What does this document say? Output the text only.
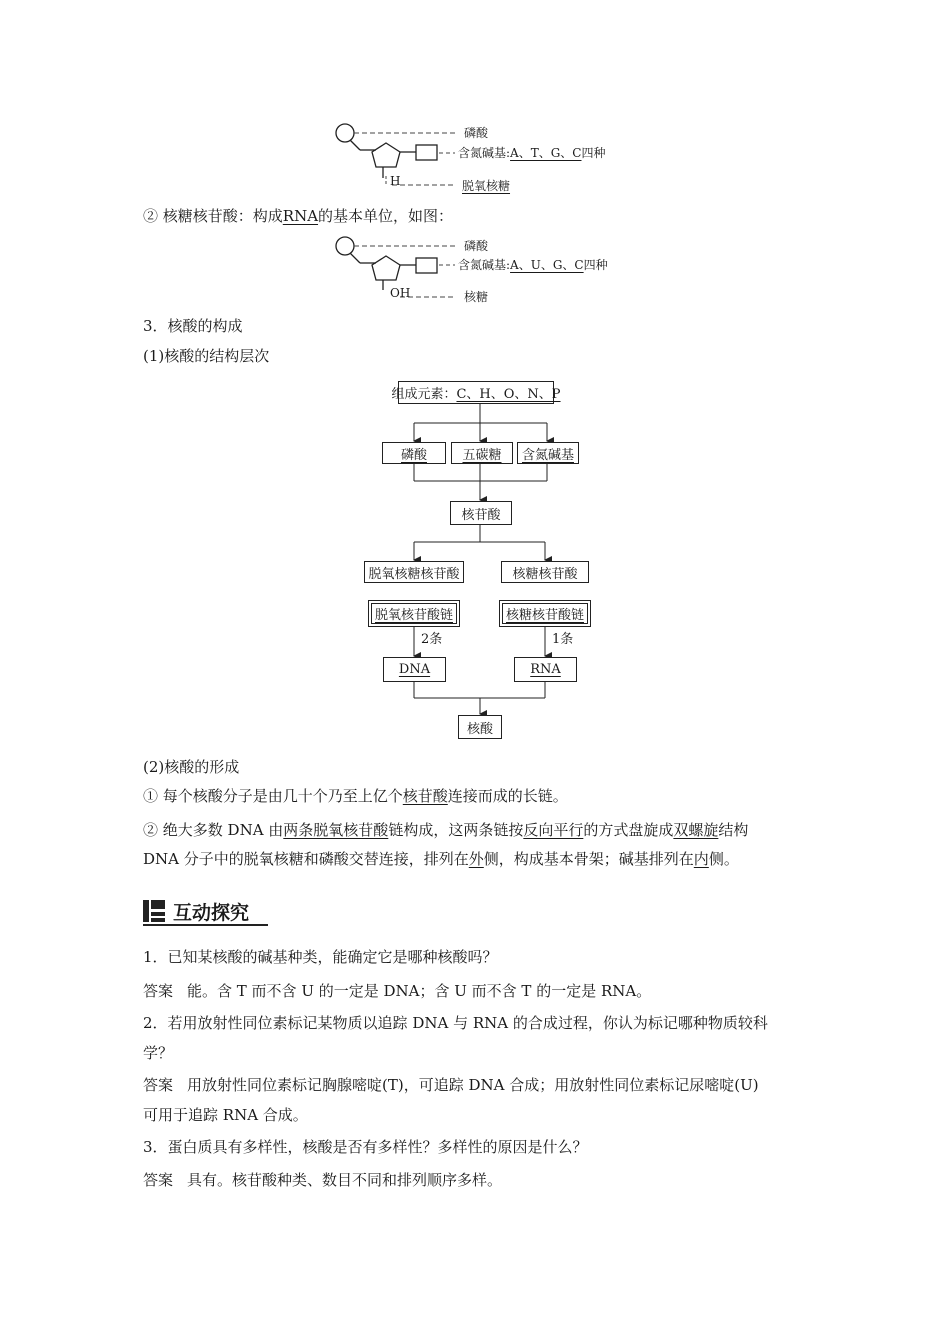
磷酸
含氮碱基:A、T、G、C四种
H	脱氧核糖
② 核糖核苷酸：构成RNA的基本单位，如图：
磷酸
含氮碱基:A、U、G、C四种
OH	核糖
3．核酸的构成
(1)核酸的结构层次
组成元素： C、H、O、N、P
磷酸	五碳糖 含氮碱基
核苷酸
脱氧核糖核苷酸	核糖核苷酸
脱氧核苷酸链	核糖核苷酸链
2条	1条
DNA	RNA
核酸
(2)核酸的形成
① 每个核酸分子是由几十个乃至上亿个核苷酸连接而成的长链。
② 绝大多数 DNA 由两条脱氧核苷酸链构成，这两条链按反向平行的方式盘旋成双螺旋结构
DNA 分子中的脱氧核糖和磷酸交替连接，排列在外侧，构成基本骨架；碱基排列在内侧。
互动探究
1．已知某核酸的碱基种类，能确定它是哪种核酸吗？
答案 能。含 T 而不含 U 的一定是 DNA；含 U 而不含 T 的一定是 RNA。
2．若用放射性同位素标记某物质以追踪 DNA 与 RNA 的合成过程，你认为标记哪种物质较科
学？
答案 用放射性同位素标记胸腺嘧啶(T)，可追踪 DNA 合成；用放射性同位素标记尿嘧啶(U)
可用于追踪 RNA 合成。
3．蛋白质具有多样性，核酸是否有多样性？多样性的原因是什么？
答案 具有。核苷酸种类、数目不同和排列顺序多样。
